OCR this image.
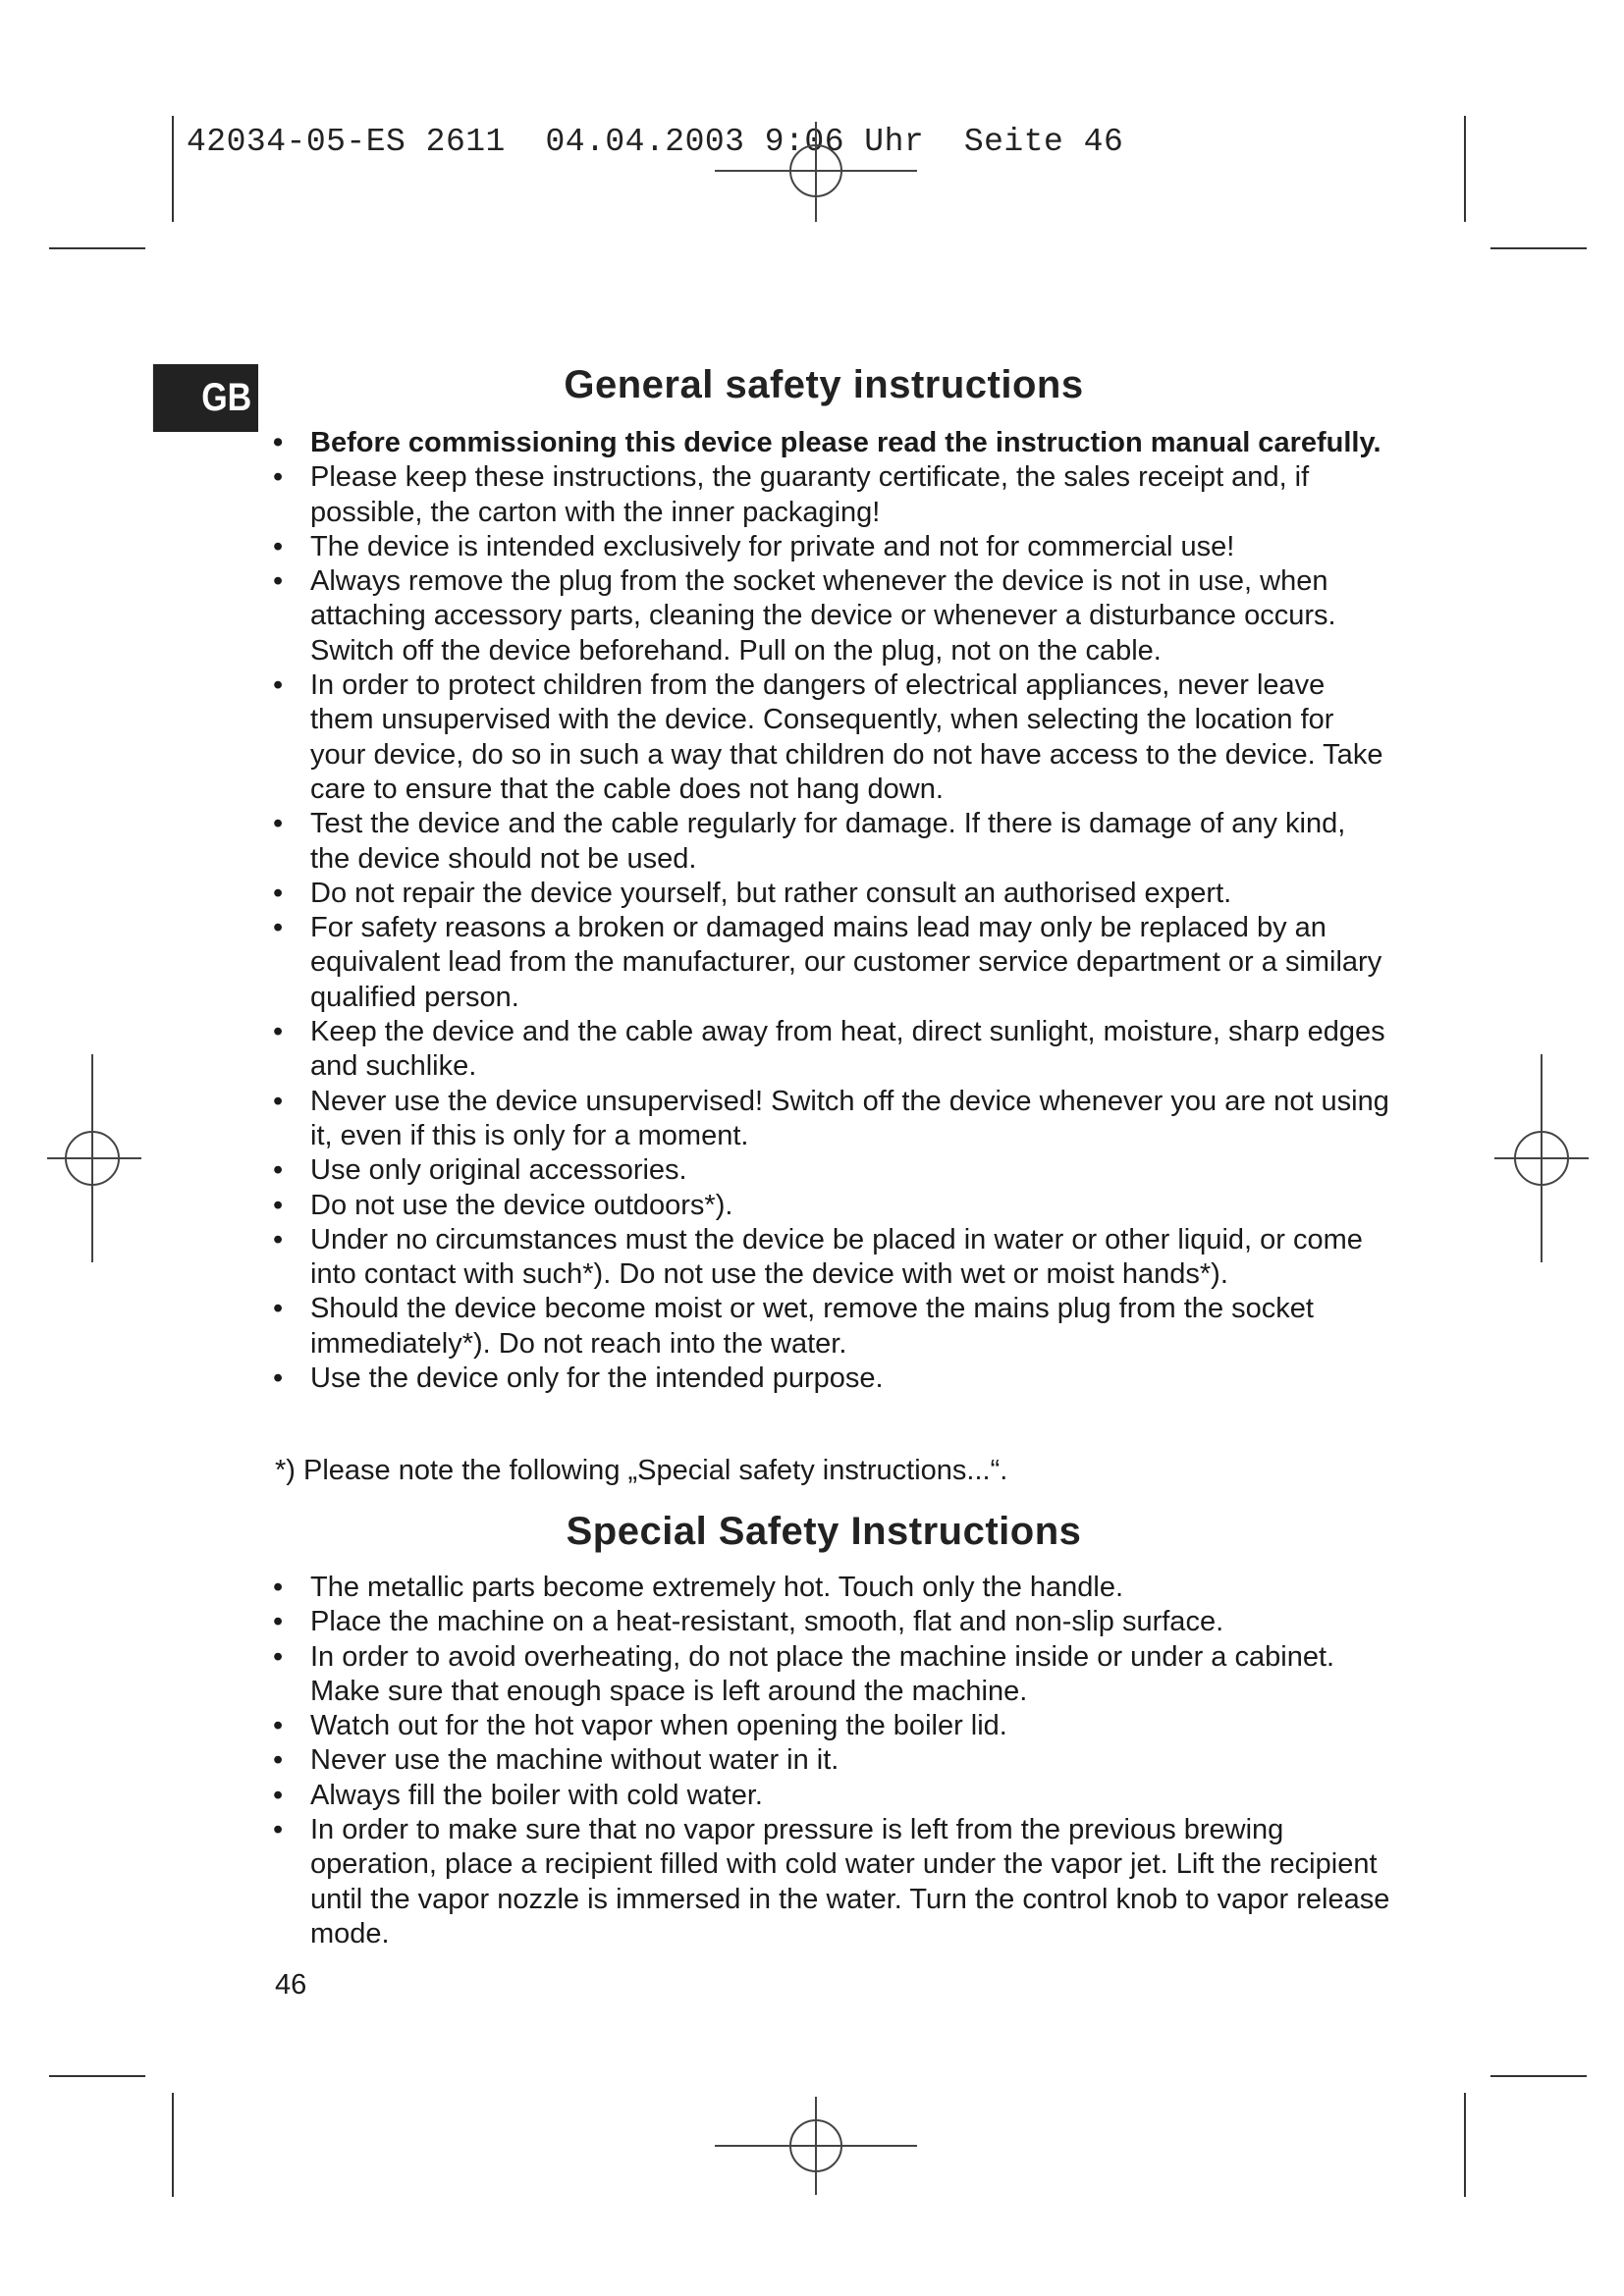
42034-05-ES 2611  04.04.2003 9:06 Uhr  Seite 46
GB	General safety instructions
• Before commissioning this device please read the instruction manual carefully.
• Please keep these instructions, the guaranty certificate, the sales receipt and, if possible, the carton with the inner packaging!
• The device is intended exclusively for private and not for commercial use!
• Always remove the plug from the socket whenever the device is not in use, when attaching accessory parts, cleaning the device or whenever a disturbance occurs. Switch off the device beforehand. Pull on the plug, not on the cable.
• In order to protect children from the dangers of electrical appliances, never leave them unsupervised with the device. Consequently, when selecting the location for your device, do so in such a way that children do not have access to the device. Take care to ensure that the cable does not hang down.
• Test the device and the cable regularly for damage. If there is damage of any kind, the device should not be used.
• Do not repair the device yourself, but rather consult an authorised expert.
• For safety reasons a broken or damaged mains lead may only be replaced by an equivalent lead from the manufacturer, our customer service department or a similary qualified person.
• Keep the device and the cable away from heat, direct sunlight, moisture, sharp edges and suchlike.
• Never use the device unsupervised! Switch off the device whenever you are not using it, even if this is only for a moment.
• Use only original accessories.
• Do not use the device outdoors*).
• Under no circumstances must the device be placed in water or other liquid, or come into contact with such*). Do not use the device with wet or moist hands*).
• Should the device become moist or wet, remove the mains plug from the socket immediately*). Do not reach into the water.
• Use the device only for the intended purpose.
*) Please note the following „Special safety instructions...“.
Special Safety Instructions
• The metallic parts become extremely hot. Touch only the handle.
• Place the machine on a heat-resistant, smooth, flat and non-slip surface.
• In order to avoid overheating, do not place the machine inside or under a cabinet. Make sure that enough space is left around the machine.
• Watch out for the hot vapor when opening the boiler lid.
• Never use the machine without water in it.
• Always fill the boiler with cold water.
• In order to make sure that no vapor pressure is left from the previous brewing operation, place a recipient filled with cold water under the vapor jet. Lift the recipient until the vapor nozzle is immersed in the water. Turn the control knob to vapor release mode.
46
